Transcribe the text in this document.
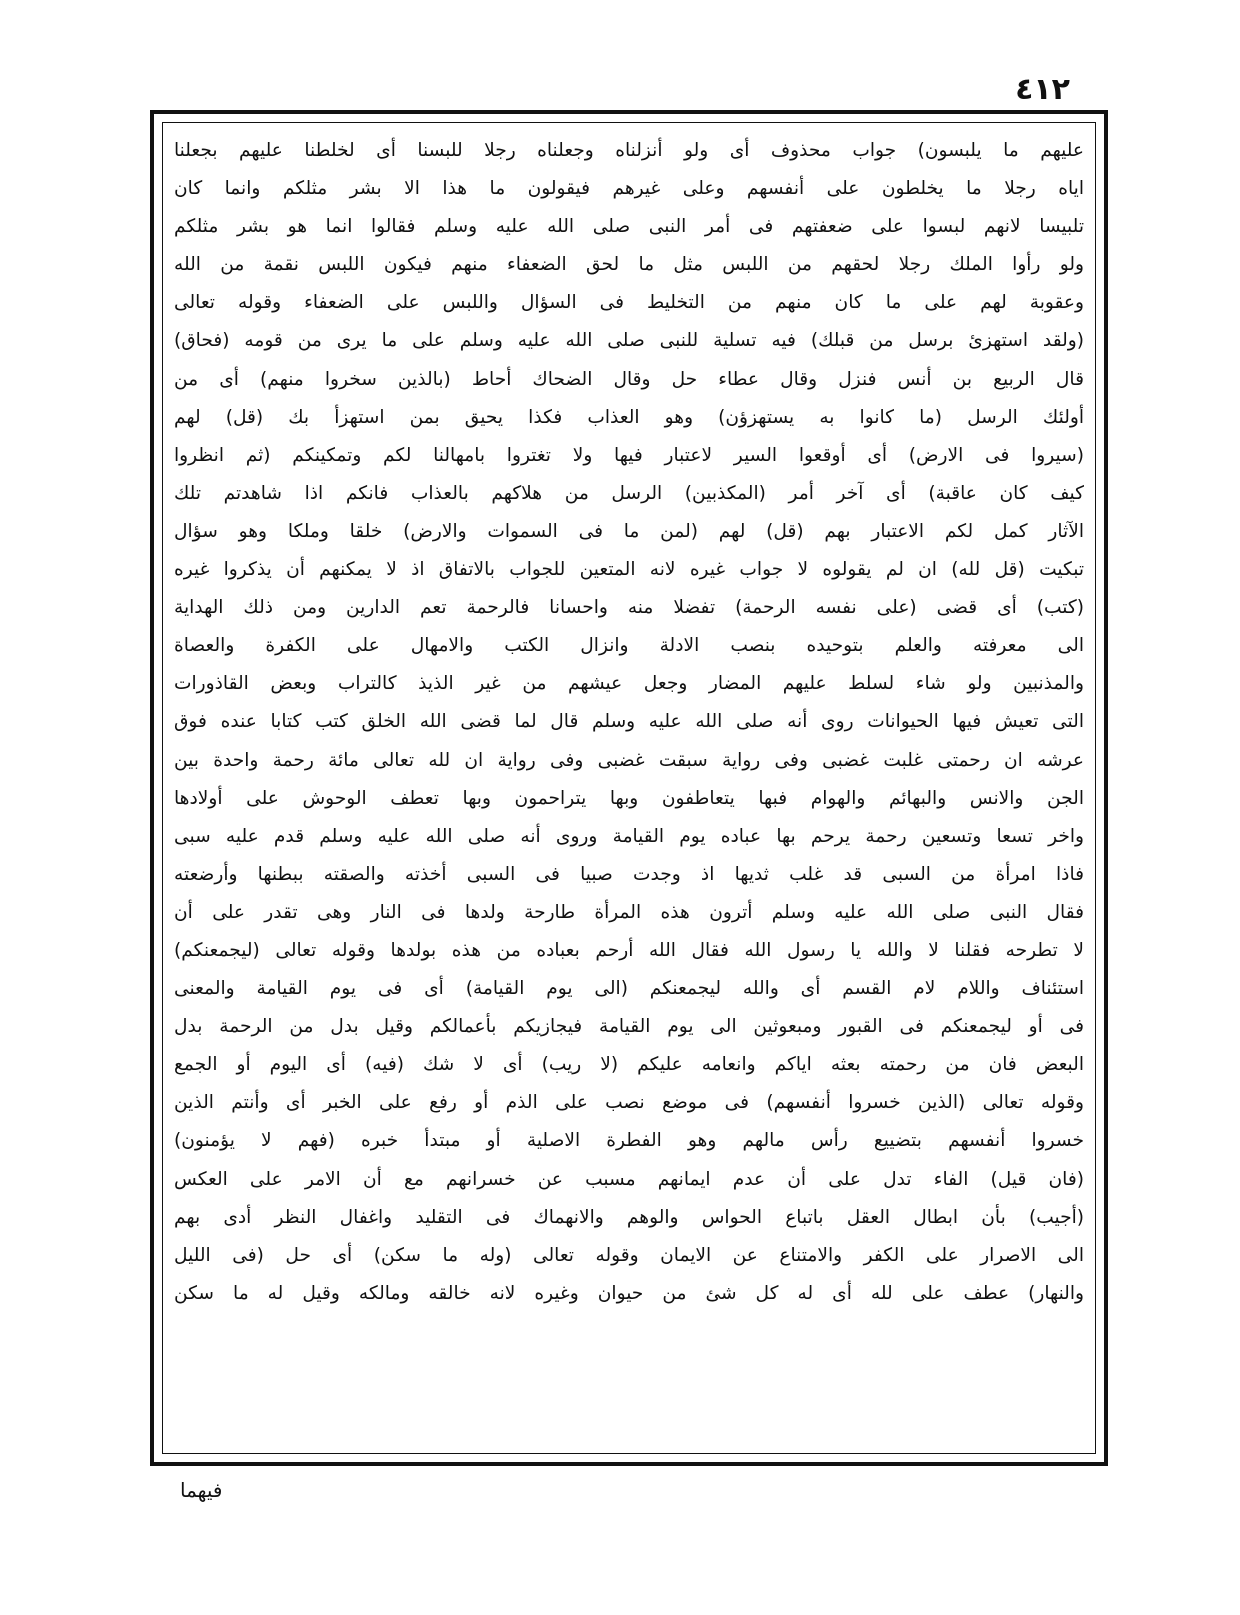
٤١٢
عليهم ما يلبسون) جواب محذوف أى ولو أنزلناه وجعلناه رجلا للبسنا أى لخلطنا عليهم بجعلنا
اياه رجلا ما يخلطون على أنفسهم وعلى غيرهم فيقولون ما هذا الا بشر مثلكم وانما كان
تلبيسا لانهم لبسوا على ضعفتهم فى أمر النبى صلى الله عليه وسلم فقالوا انما هو بشر مثلكم
ولو رأوا الملك رجلا لحقهم من اللبس مثل ما لحق الضعفاء منهم فيكون اللبس نقمة من الله
وعقوبة لهم على ما كان منهم من التخليط فى السؤال واللبس على الضعفاء وقوله تعالى
(ولقد استهزئ برسل من قبلك) فيه تسلية للنبى صلى الله عليه وسلم على ما يرى من قومه (فحاق)
قال الربيع بن أنس فنزل وقال عطاء حل وقال الضحاك أحاط (بالذين سخروا منهم) أى من
أولئك الرسل (ما كانوا به يستهزؤن) وهو العذاب فكذا يحيق بمن استهزأ بك (قل) لهم
(سيروا فى الارض) أى أوقعوا السير لاعتبار فيها ولا تغتروا بامهالنا لكم وتمكينكم (ثم انظروا
كيف كان عاقبة) أى آخر أمر (المكذبين) الرسل من هلاكهم بالعذاب فانكم اذا شاهدتم تلك
الآثار كمل لكم الاعتبار بهم (قل) لهم (لمن ما فى السموات والارض) خلقا وملكا وهو سؤال
تبكيت (قل لله) ان لم يقولوه لا جواب غيره لانه المتعين للجواب بالاتفاق اذ لا يمكنهم أن يذكروا غيره
(كتب) أى قضى (على نفسه الرحمة) تفضلا منه واحسانا فالرحمة تعم الدارين ومن ذلك الهداية
الى معرفته والعلم بتوحيده بنصب الادلة وانزال الكتب والامهال على الكفرة والعصاة
والمذنبين ولو شاء لسلط عليهم المضار وجعل عيشهم من غير الذيذ كالتراب وبعض القاذورات
التى تعيش فيها الحيوانات روى أنه صلى الله عليه وسلم قال لما قضى الله الخلق كتب كتابا عنده فوق
عرشه ان رحمتى غلبت غضبى وفى رواية سبقت غضبى وفى رواية ان لله تعالى مائة رحمة واحدة بين
الجن والانس والبهائم والهوام فبها يتعاطفون وبها يتراحمون وبها تعطف الوحوش على أولادها
واخر تسعا وتسعين رحمة يرحم بها عباده يوم القيامة وروى أنه صلى الله عليه وسلم قدم عليه سبى
فاذا امرأة من السبى قد غلب ثديها اذ وجدت صبيا فى السبى أخذته والصقته ببطنها وأرضعته
فقال النبى صلى الله عليه وسلم أترون هذه المرأة طارحة ولدها فى النار وهى تقدر على أن
لا تطرحه فقلنا لا والله يا رسول الله فقال الله أرحم بعباده من هذه بولدها وقوله تعالى (ليجمعنكم)
استئناف واللام لام القسم أى والله ليجمعنكم (الى يوم القيامة) أى فى يوم القيامة والمعنى
فى أو ليجمعنكم فى القبور ومبعوثين الى يوم القيامة فيجازيكم بأعمالكم وقيل بدل من الرحمة بدل
البعض فان من رحمته بعثه اياكم وانعامه عليكم (لا ريب) أى لا شك (فيه) أى اليوم أو الجمع
وقوله تعالى (الذين خسروا أنفسهم) فى موضع نصب على الذم أو رفع على الخبر أى وأنتم الذين
خسروا أنفسهم بتضييع رأس مالهم وهو الفطرة الاصلية أو مبتدأ خبره (فهم لا يؤمنون)
(فان قيل) الفاء تدل على أن عدم ايمانهم مسبب عن خسرانهم مع أن الامر على العكس
(أجيب) بأن ابطال العقل باتباع الحواس والوهم والانهماك فى التقليد واغفال النظر أدى بهم
الى الاصرار على الكفر والامتناع عن الايمان وقوله تعالى (وله ما سكن) أى حل (فى الليل
والنهار) عطف على لله أى له كل شئ من حيوان وغيره لانه خالقه ومالكه وقيل له ما سكن
فيهما
